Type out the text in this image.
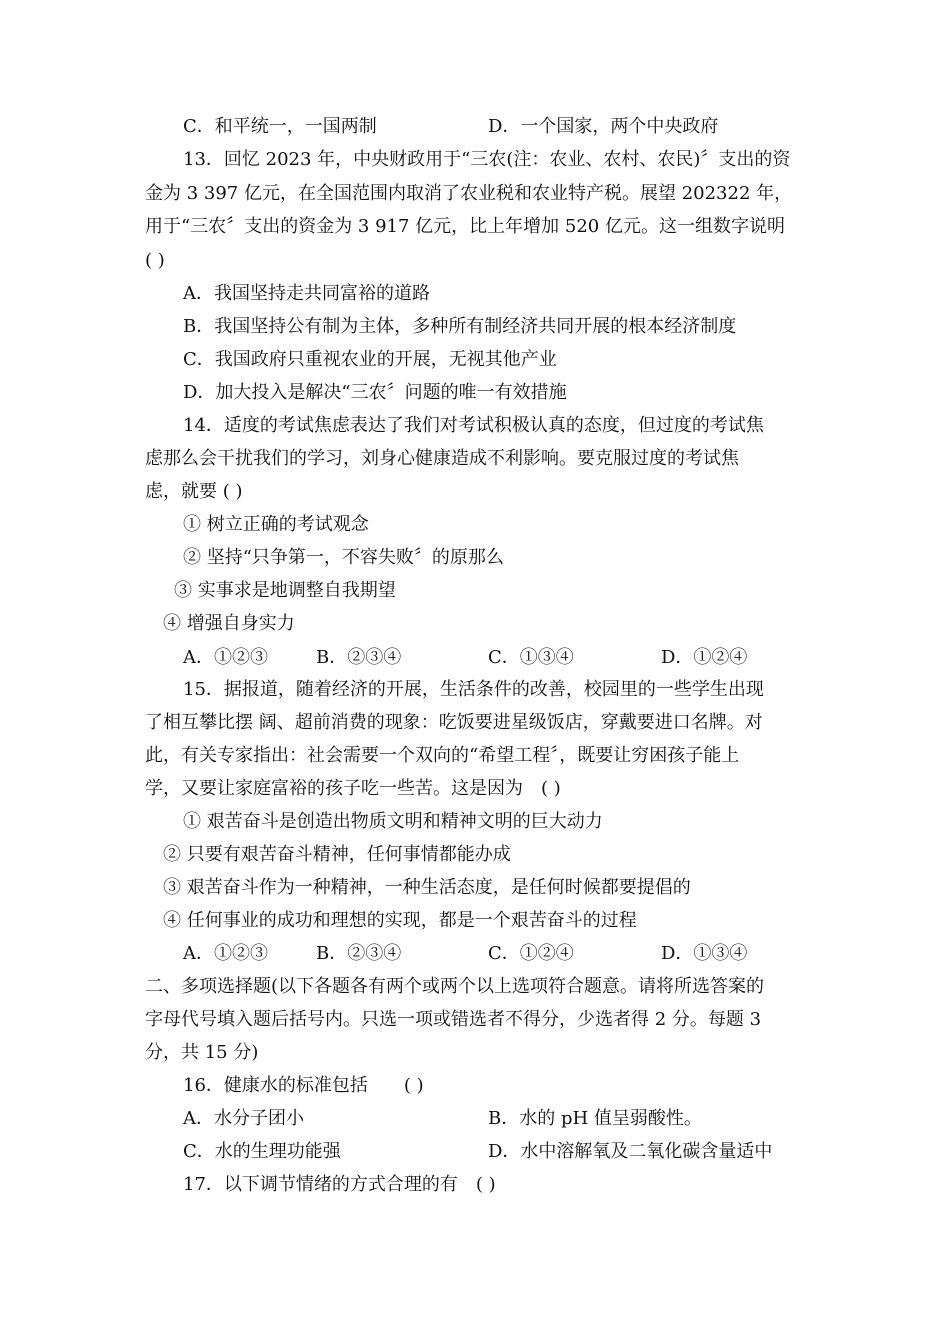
C．和平统一，一国两制	D．一个国家，两个中央政府
13．回忆 2023 年，中央财政用于“三农(注：农业、农村、农民)〞支出的资
金为 3 397 亿元，在全国范围内取消了农业税和农业特产税。展望 202322 年，
用于“三农〞支出的资金为 3 917 亿元，比上年增加 520 亿元。这一组数字说明
( )
A．我国坚持走共同富裕的道路
B．我国坚持公有制为主体，多种所有制经济共同开展的根本经济制度
C．我国政府只重视农业的开展，无视其他产业
D．加大投入是解决“三农〞问题的唯一有效措施
14．适度的考试焦虑表达了我们对考试积极认真的态度，但过度的考试焦
虑那么会干扰我们的学习，刘身心健康造成不利影响。要克服过度的考试焦
虑，就要 ( )
① 树立正确的考试观念
② 坚持“只争第一，不容失败〞的原那么
③ 实事求是地调整自我期望
④ 增强自身实力
A．①②③	B．②③④	C．①③④	D．①②④
15．据报道，随着经济的开展，生活条件的改善，校园里的一些学生出现
了相互攀比摆 阔、超前消费的现象：吃饭要进星级饭店，穿戴要进口名牌。对
此，有关专家指出：社会需要一个双向的“希望工程〞，既要让穷困孩子能上
学，又要让家庭富裕的孩子吃一些苦。这是因为　( )
① 艰苦奋斗是创造出物质文明和精神文明的巨大动力
② 只要有艰苦奋斗精神，任何事情都能办成
③ 艰苦奋斗作为一种精神，一种生活态度，是任何时候都要提倡的
④ 任何事业的成功和理想的实现，都是一个艰苦奋斗的过程
A．①②③	B．②③④	C．①②④	D．①③④
二、多项选择题(以下各题各有两个或两个以上选项符合题意。请将所选答案的
字母代号填入题后括号内。只选一项或错选者不得分，少选者得 2 分。每题 3
分，共 15 分)
16．健康水的标准包括　　( )
A．水分子团小	B．水的 pH 值呈弱酸性。
C．水的生理功能强	D．水中溶解氧及二氧化碳含量适中
17．以下调节情绪的方式合理的有　( )
